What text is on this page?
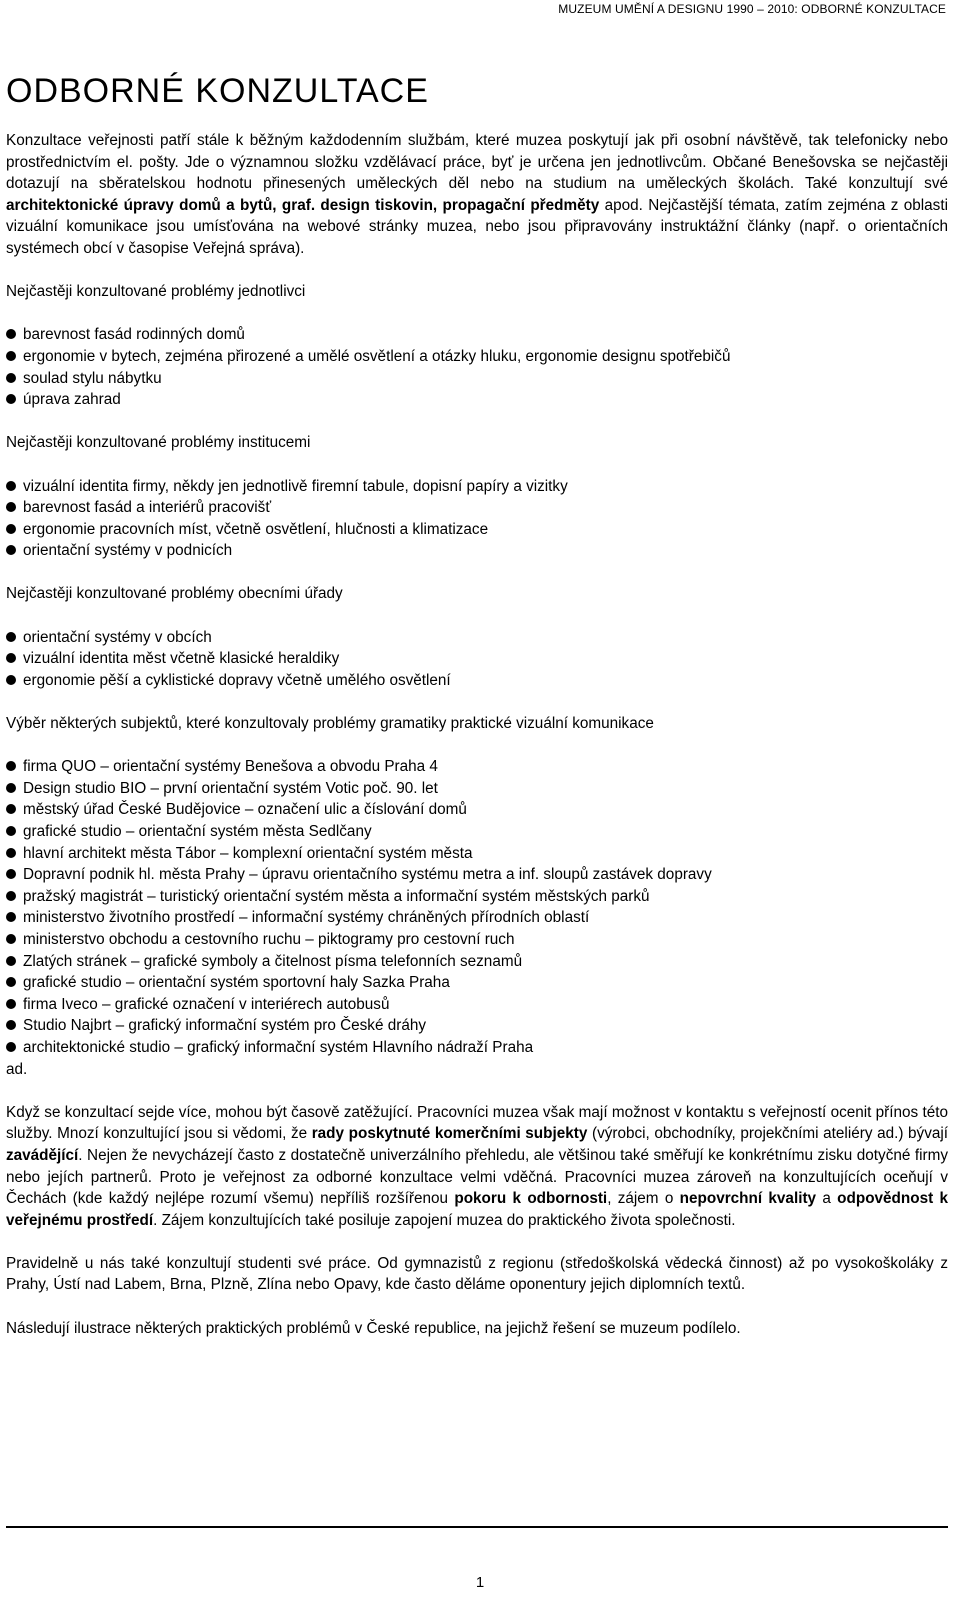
MUZEUM UMĚNÍ A DESIGNU 1990 – 2010: ODBORNÉ KONZULTACE
ODBORNÉ KONZULTACE

Konzultace veřejnosti patří stále k běžným každodenním službám, které muzea poskytují jak při osobní návštěvě, tak telefonicky nebo prostřednictvím el. pošty. Jde o významnou složku vzdělávací práce, byť je určena jen jednotlivcům. Občané Benešovska se nejčastěji dotazují na sběratelskou hodnotu přinesených uměleckých děl nebo na studium na uměleckých školách. Také konzultují své architektonické úpravy domů a bytů, graf. design tiskovin, propagační předměty apod. Nejčastější témata, zatím zejména z oblasti vizuální komunikace jsou umísťována na webové stránky muzea, nebo jsou připravovány instruktážní články (např. o orientačních systémech obcí v časopise Veřejná správa).

Nejčastěji konzultované problémy jednotlivci

barevnost fasád rodinných domů
ergonomie v bytech, zejména přirozené a umělé osvětlení a otázky hluku, ergonomie designu spotřebičů
soulad stylu nábytku
úprava zahrad

Nejčastěji konzultované problémy institucemi

vizuální identita firmy, někdy jen jednotlivě firemní tabule, dopisní papíry a vizitky
barevnost fasád a interiérů pracovišť
ergonomie pracovních míst, včetně osvětlení, hlučnosti a klimatizace
orientační systémy v podnicích

Nejčastěji konzultované problémy obecními úřady

orientační systémy v obcích
vizuální identita měst včetně klasické heraldiky
ergonomie pěší a cyklistické dopravy včetně umělého osvětlení

Výběr některých subjektů, které konzultovaly problémy gramatiky praktické vizuální komunikace

firma QUO – orientační systémy Benešova a obvodu Praha 4
Design studio BIO – první orientační systém Votic poč. 90. let
městský úřad České Budějovice – označení ulic a číslování domů
grafické studio – orientační systém města Sedlčany
hlavní architekt města Tábor – komplexní orientační systém města
Dopravní podnik hl. města Prahy – úpravu orientačního systému metra a inf. sloupů zastávek dopravy
pražský magistrát – turistický orientační systém města a informační systém městských parků
ministerstvo životního prostředí – informační systémy chráněných přírodních oblastí
ministerstvo obchodu a cestovního ruchu – piktogramy pro cestovní ruch
Zlatých stránek – grafické symboly a čitelnost písma telefonních seznamů
grafické studio – orientační systém sportovní haly Sazka Praha
firma Iveco – grafické označení v interiérech autobusů
Studio Najbrt – grafický informační systém pro České dráhy
architektonické studio – grafický informační systém Hlavního nádraží Praha

ad.

Když se konzultací sejde více, mohou být časově zatěžující. Pracovníci muzea však mají možnost v kontaktu s veřejností ocenit přínos této služby. Mnozí konzultující jsou si vědomi, že rady poskytnuté komerčními subjekty (výrobci, obchodníky, projekčními ateliéry ad.) bývají zavádějící. Nejen že nevycházejí často z dostatečně univerzálního přehledu, ale většinou také směřují ke konkrétnímu zisku dotyčné firmy nebo jejích partnerů. Proto je veřejnost za odborné konzultace velmi vděčná. Pracovníci muzea zároveň na konzultujících oceňují v Čechách (kde každý nejlépe rozumí všemu) nepříliš rozšířenou pokoru k odbornosti, zájem o nepovrchní kvality a odpovědnost k veřejnému prostředí. Zájem konzultujících také posiluje zapojení muzea do praktického života společnosti.

Pravidelně u nás také konzultují studenti své práce. Od gymnazistů z regionu (středoškolská vědecká činnost) až po vysokoškoláky z Prahy, Ústí nad Labem, Brna, Plzně, Zlína nebo Opavy, kde často děláme oponentury jejich diplomních textů.

Následují ilustrace některých praktických problémů v České republice, na jejichž řešení se muzeum podílelo.

1
